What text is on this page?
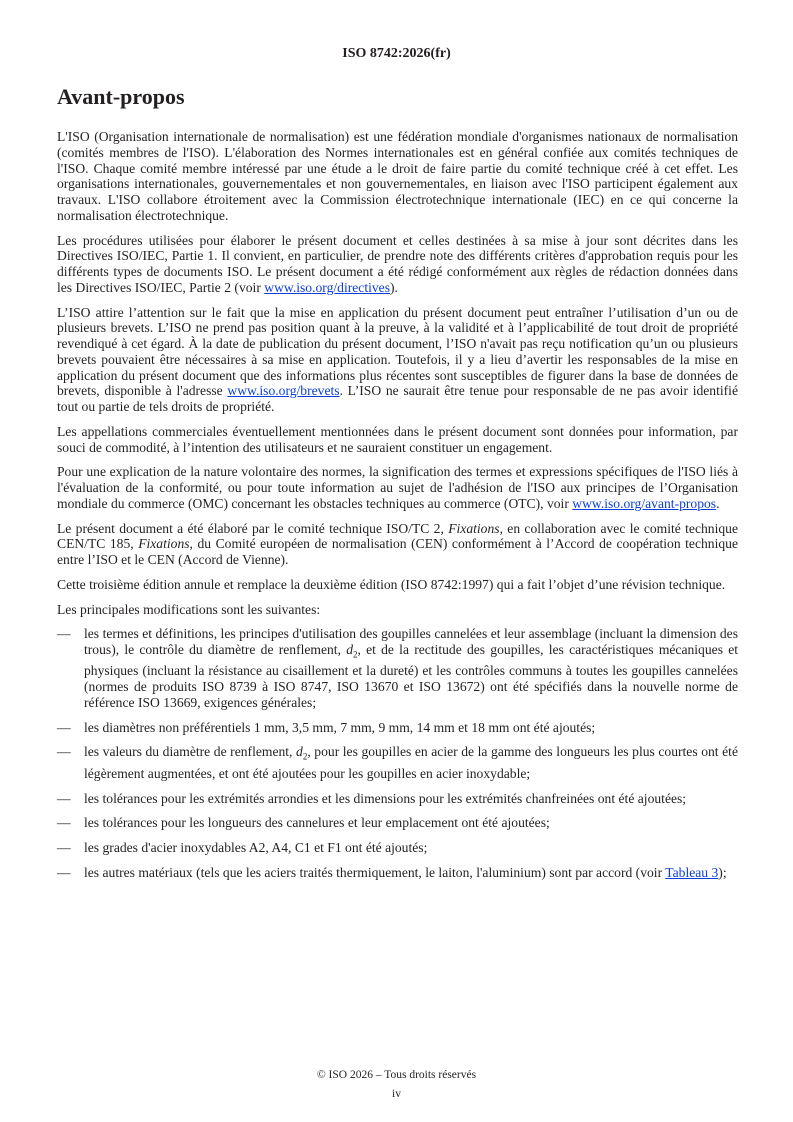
ISO 8742:2026(fr)
Avant-propos

L'ISO (Organisation internationale de normalisation) est une fédération mondiale d'organismes nationaux de normalisation (comités membres de l'ISO). L'élaboration des Normes internationales est en général confiée aux comités techniques de l'ISO. Chaque comité membre intéressé par une étude a le droit de faire partie du comité technique créé à cet effet. Les organisations internationales, gouvernementales et non gouvernementales, en liaison avec l'ISO participent également aux travaux. L'ISO collabore étroitement avec la Commission électrotechnique internationale (IEC) en ce qui concerne la normalisation électrotechnique.

Les procédures utilisées pour élaborer le présent document et celles destinées à sa mise à jour sont décrites dans les Directives ISO/IEC, Partie 1. Il convient, en particulier, de prendre note des différents critères d'approbation requis pour les différents types de documents ISO. Le présent document a été rédigé conformément aux règles de rédaction données dans les Directives ISO/IEC, Partie 2 (voir www.iso.org/directives).

L’ISO attire l’attention sur le fait que la mise en application du présent document peut entraîner l’utilisation d’un ou de plusieurs brevets. L’ISO ne prend pas position quant à la preuve, à la validité et à l’applicabilité de tout droit de propriété revendiqué à cet égard. À la date de publication du présent document, l’ISO n'avait pas reçu notification qu’un ou plusieurs brevets pouvaient être nécessaires à sa mise en application. Toutefois, il y a lieu d’avertir les responsables de la mise en application du présent document que des informations plus récentes sont susceptibles de figurer dans la base de données de brevets, disponible à l'adresse www.iso.org/brevets. L’ISO ne saurait être tenue pour responsable de ne pas avoir identifié tout ou partie de tels droits de propriété.

Les appellations commerciales éventuellement mentionnées dans le présent document sont données pour information, par souci de commodité, à l’intention des utilisateurs et ne sauraient constituer un engagement.

Pour une explication de la nature volontaire des normes, la signification des termes et expressions spécifiques de l'ISO liés à l'évaluation de la conformité, ou pour toute information au sujet de l'adhésion de l'ISO aux principes de l’Organisation mondiale du commerce (OMC) concernant les obstacles techniques au commerce (OTC), voir www.iso.org/avant-propos.

Le présent document a été élaboré par le comité technique ISO/TC 2, Fixations, en collaboration avec le comité technique CEN/TC 185, Fixations, du Comité européen de normalisation (CEN) conformément à l’Accord de coopération technique entre l’ISO et le CEN (Accord de Vienne).

Cette troisième édition annule et remplace la deuxième édition (ISO 8742:1997) qui a fait l’objet d’une révision technique.

Les principales modifications sont les suivantes:

— les termes et définitions, les principes d'utilisation des goupilles cannelées et leur assemblage (incluant la dimension des trous), le contrôle du diamètre de renflement, $d_2$, et de la rectitude des goupilles, les caractéristiques mécaniques et physiques (incluant la résistance au cisaillement et la dureté) et les contrôles communs à toutes les goupilles cannelées (normes de produits ISO 8739 à ISO 8747, ISO 13670 et ISO 13672) ont été spécifiés dans la nouvelle norme de référence ISO 13669, exigences générales;
— les diamètres non préférentiels 1 mm, 3,5 mm, 7 mm, 9 mm, 14 mm et 18 mm ont été ajoutés;
— les valeurs du diamètre de renflement, $d_2$, pour les goupilles en acier de la gamme des longueurs les plus courtes ont été légèrement augmentées, et ont été ajoutées pour les goupilles en acier inoxydable;
— les tolérances pour les extrémités arrondies et les dimensions pour les extrémités chanfreinées ont été ajoutées;
— les tolérances pour les longueurs des cannelures et leur emplacement ont été ajoutées;
— les grades d'acier inoxydables A2, A4, C1 et F1 ont été ajoutés;
— les autres matériaux (tels que les aciers traités thermiquement, le laiton, l'aluminium) sont par accord (voir Tableau 3);
© ISO 2026 – Tous droits réservés
iv
